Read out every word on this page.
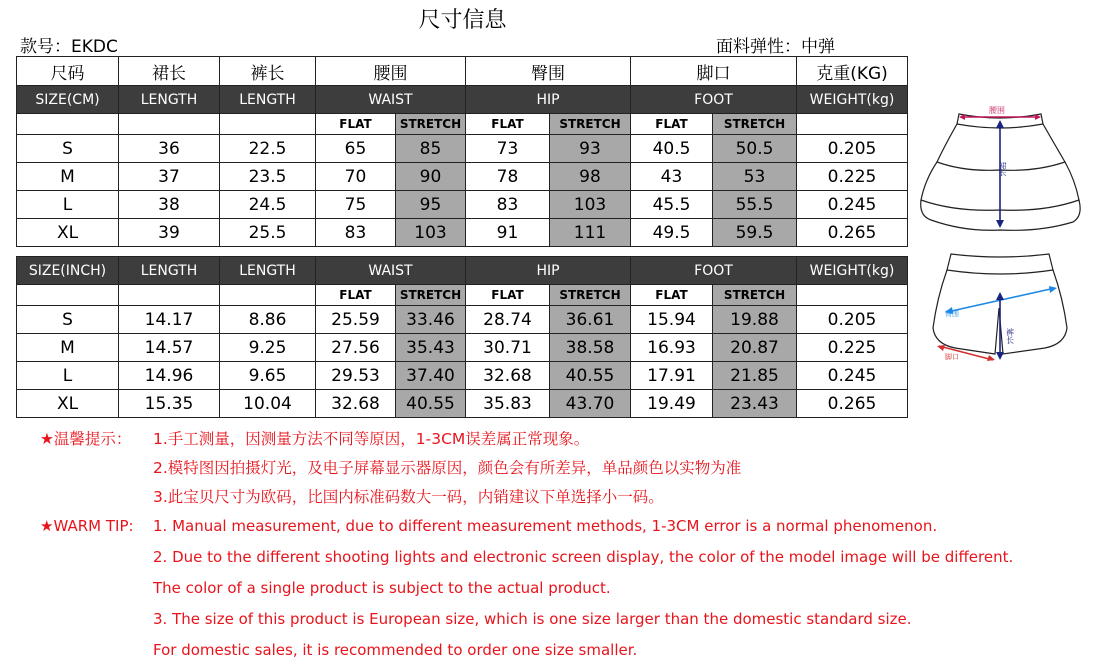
尺寸信息
款号：EKDC	面料弹性：中弹
尺码	裙长	裤长	腰围		臀围		脚口		克重(KG)
SIZE(CM)	LENGTH	LENGTH	WAIST		HIP		FOOT		WEIGHT(kg)
			FLAT	STRETCH	FLAT	STRETCH	FLAT	STRETCH	
S	36	22.5	65	85	73	93	40.5	50.5	0.205
M	37	23.5	70	90	78	98	43	53	0.225
L	38	24.5	75	95	83	103	45.5	55.5	0.245
XL	39	25.5	83	103	91	111	49.5	59.5	0.265
SIZE(INCH)	LENGTH	LENGTH	WAIST		HIP		FOOT		WEIGHT(kg)
			FLAT	STRETCH	FLAT	STRETCH	FLAT	STRETCH	
S	14.17	8.86	25.59	33.46	28.74	36.61	15.94	19.88	0.205
M	14.57	9.25	27.56	35.43	30.71	38.58	16.93	20.87	0.225
L	14.96	9.65	29.53	37.40	32.68	40.55	17.91	21.85	0.245
XL	15.35	10.04	32.68	40.55	35.83	43.70	19.49	23.43	0.265
腰围
裙长
臀围
裤长
脚口
★温馨提示： 1.手工测量，因测量方法不同等原因，1-3CM误差属正常现象。
2.模特图因拍摄灯光，及电子屏幕显示器原因，颜色会有所差异，单品颜色以实物为准
3.此宝贝尺寸为欧码，比国内标准码数大一码，内销建议下单选择小一码。
★WARM TIP: 1. Manual measurement, due to different measurement methods, 1-3CM error is a normal phenomenon.
2. Due to the different shooting lights and electronic screen display, the color of the model image will be different.
The color of a single product is subject to the actual product.
3. The size of this product is European size, which is one size larger than the domestic standard size.
For domestic sales, it is recommended to order one size smaller.
